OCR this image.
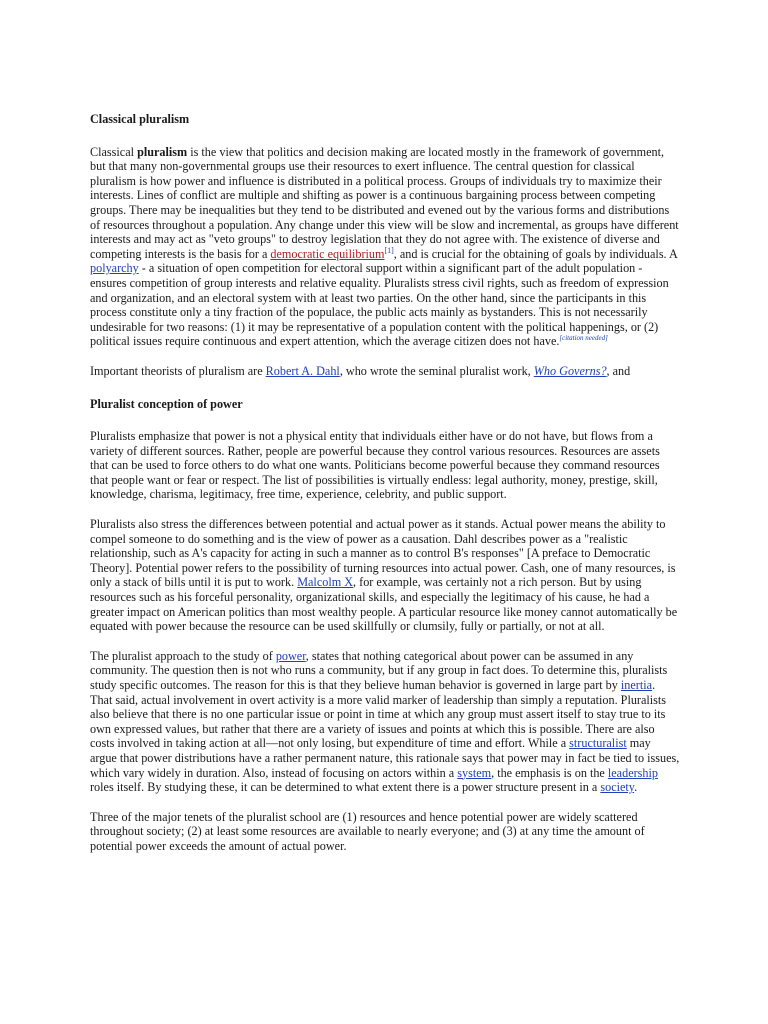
Classical pluralism

Classical pluralism is the view that politics and decision making are located mostly in the framework of government, but that many non-governmental groups use their resources to exert influence. The central question for classical pluralism is how power and influence is distributed in a political process. Groups of individuals try to maximize their interests. Lines of conflict are multiple and shifting as power is a continuous bargaining process between competing groups. There may be inequalities but they tend to be distributed and evened out by the various forms and distributions of resources throughout a population. Any change under this view will be slow and incremental, as groups have different interests and may act as "veto groups" to destroy legislation that they do not agree with. The existence of diverse and competing interests is the basis for a democratic equilibrium[1], and is crucial for the obtaining of goals by individuals. A polyarchy - a situation of open competition for electoral support within a significant part of the adult population - ensures competition of group interests and relative equality. Pluralists stress civil rights, such as freedom of expression and organization, and an electoral system with at least two parties. On the other hand, since the participants in this process constitute only a tiny fraction of the populace, the public acts mainly as bystanders. This is not necessarily undesirable for two reasons: (1) it may be representative of a population content with the political happenings, or (2) political issues require continuous and expert attention, which the average citizen does not have.[citation needed]

Important theorists of pluralism are Robert A. Dahl, who wrote the seminal pluralist work, Who Governs?, and

Pluralist conception of power

Pluralists emphasize that power is not a physical entity that individuals either have or do not have, but flows from a variety of different sources. Rather, people are powerful because they control various resources. Resources are assets that can be used to force others to do what one wants. Politicians become powerful because they command resources that people want or fear or respect. The list of possibilities is virtually endless: legal authority, money, prestige, skill, knowledge, charisma, legitimacy, free time, experience, celebrity, and public support.

Pluralists also stress the differences between potential and actual power as it stands. Actual power means the ability to compel someone to do something and is the view of power as a causation. Dahl describes power as a "realistic relationship, such as A's capacity for acting in such a manner as to control B's responses" [A preface to Democratic Theory]. Potential power refers to the possibility of turning resources into actual power. Cash, one of many resources, is only a stack of bills until it is put to work. Malcolm X, for example, was certainly not a rich person. But by using resources such as his forceful personality, organizational skills, and especially the legitimacy of his cause, he had a greater impact on American politics than most wealthy people. A particular resource like money cannot automatically be equated with power because the resource can be used skillfully or clumsily, fully or partially, or not at all.

The pluralist approach to the study of power, states that nothing categorical about power can be assumed in any community. The question then is not who runs a community, but if any group in fact does. To determine this, pluralists study specific outcomes. The reason for this is that they believe human behavior is governed in large part by inertia. That said, actual involvement in overt activity is a more valid marker of leadership than simply a reputation. Pluralists also believe that there is no one particular issue or point in time at which any group must assert itself to stay true to its own expressed values, but rather that there are a variety of issues and points at which this is possible. There are also costs involved in taking action at all—not only losing, but expenditure of time and effort. While a structuralist may argue that power distributions have a rather permanent nature, this rationale says that power may in fact be tied to issues, which vary widely in duration. Also, instead of focusing on actors within a system, the emphasis is on the leadership roles itself. By studying these, it can be determined to what extent there is a power structure present in a society.

Three of the major tenets of the pluralist school are (1) resources and hence potential power are widely scattered throughout society; (2) at least some resources are available to nearly everyone; and (3) at any time the amount of potential power exceeds the amount of actual power.
